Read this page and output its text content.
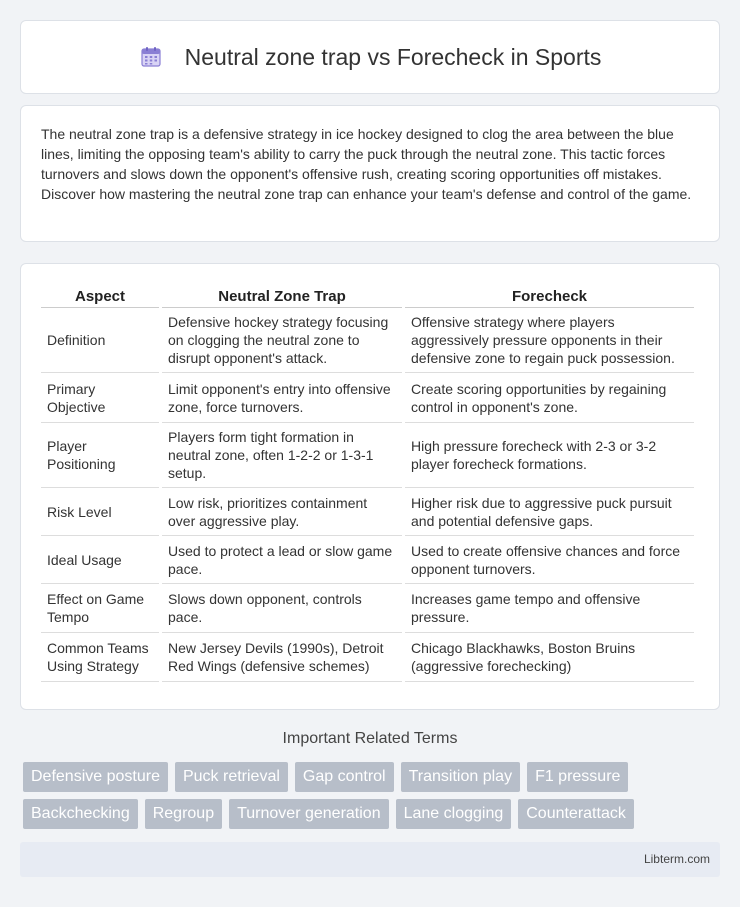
Neutral zone trap vs Forecheck in Sports

The neutral zone trap is a defensive strategy in ice hockey designed to clog the area between the blue lines, limiting the opposing team's ability to carry the puck through the neutral zone. This tactic forces turnovers and slows down the opponent's offensive rush, creating scoring opportunities off mistakes. Discover how mastering the neutral zone trap can enhance your team's defense and control of the game.

Aspect	Neutral Zone Trap	Forecheck
Definition	Defensive hockey strategy focusing on clogging the neutral zone to disrupt opponent's attack.	Offensive strategy where players aggressively pressure opponents in their defensive zone to regain puck possession.
Primary Objective	Limit opponent's entry into offensive zone, force turnovers.	Create scoring opportunities by regaining control in opponent's zone.
Player Positioning	Players form tight formation in neutral zone, often 1-2-2 or 1-3-1 setup.	High pressure forecheck with 2-3 or 3-2 player forecheck formations.
Risk Level	Low risk, prioritizes containment over aggressive play.	Higher risk due to aggressive puck pursuit and potential defensive gaps.
Ideal Usage	Used to protect a lead or slow game pace.	Used to create offensive chances and force opponent turnovers.
Effect on Game Tempo	Slows down opponent, controls pace.	Increases game tempo and offensive pressure.
Common Teams Using Strategy	New Jersey Devils (1990s), Detroit Red Wings (defensive schemes)	Chicago Blackhawks, Boston Bruins (aggressive forechecking)
Important Related Terms
Defensive posture	Puck retrieval	Gap control	Transition play	F1 pressure
Backchecking	Regroup	Turnover generation	Lane clogging	Counterattack
Libterm.com
